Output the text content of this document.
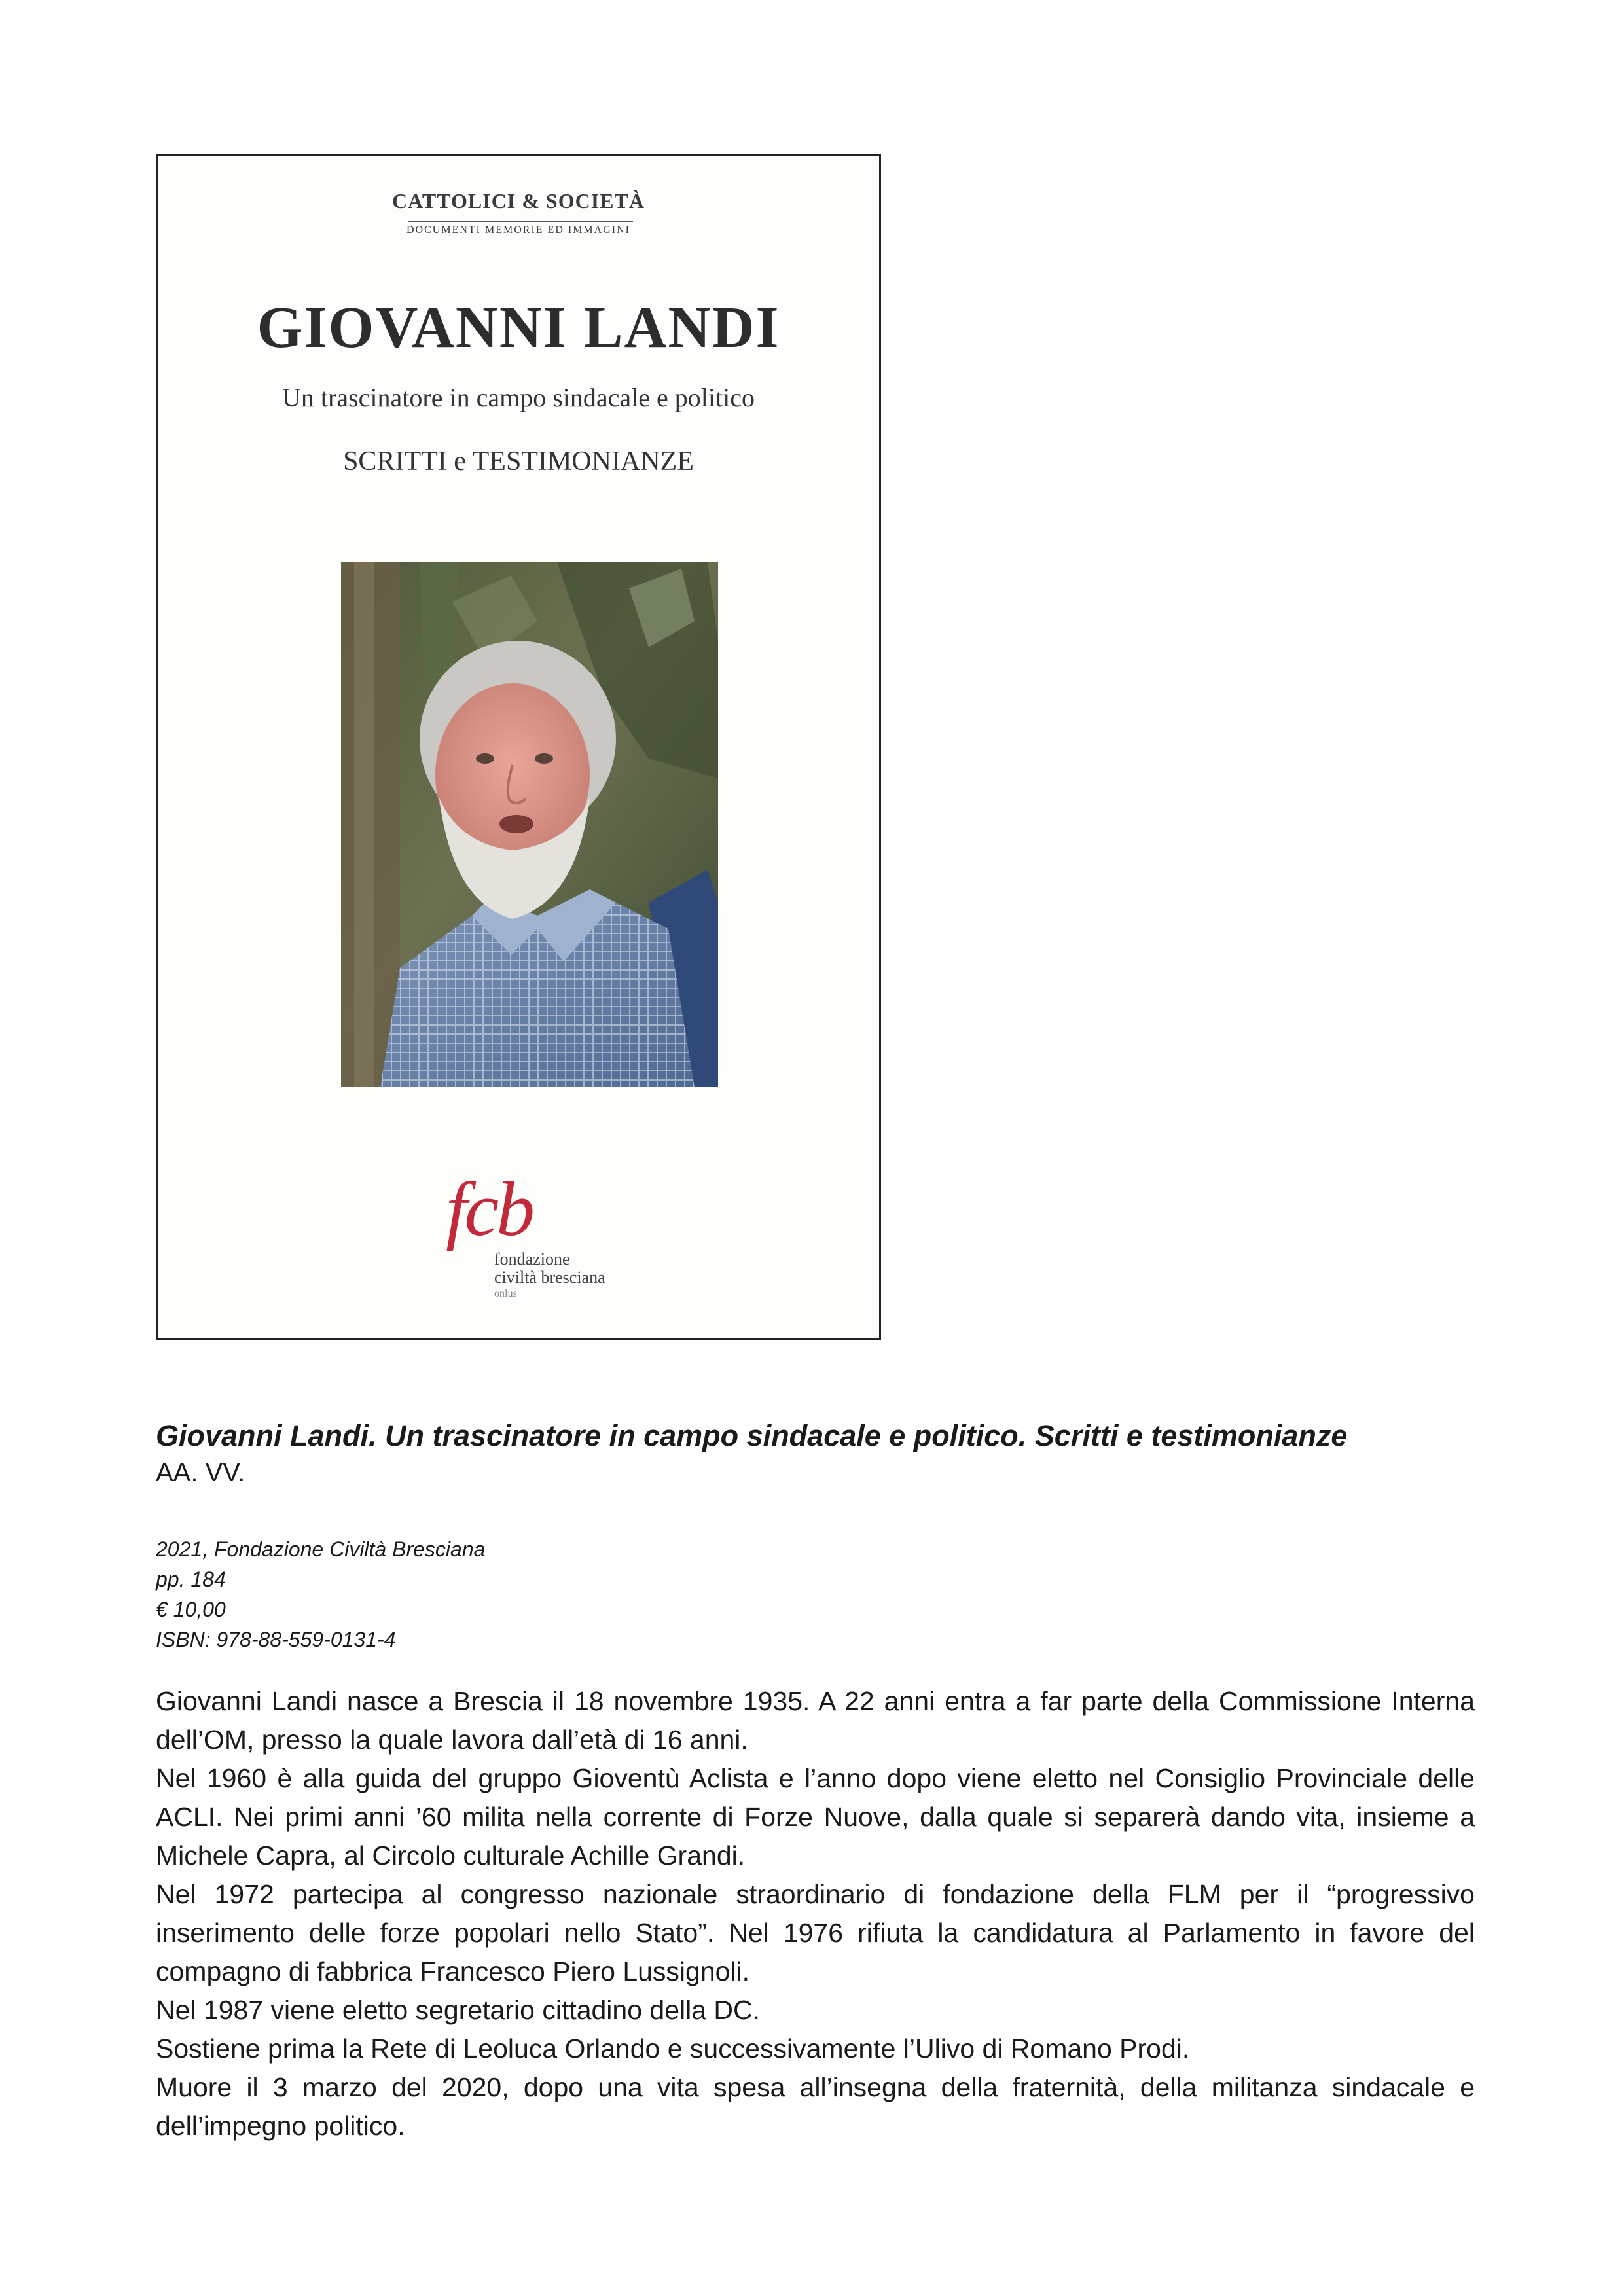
CATTOLICI & SOCIETÀ
DOCUMENTI MEMORIE ED IMMAGINI
GIOVANNI LANDI
Un trascinatore in campo sindacale e politico
SCRITTI e TESTIMONIANZE
fcb
fondazione
civiltà bresciana
onlus
Giovanni Landi. Un trascinatore in campo sindacale e politico. Scritti e testimonianze
AA. VV.
2021, Fondazione Civiltà Bresciana
pp. 184
€ 10,00
ISBN: 978-88-559-0131-4

Giovanni Landi nasce a Brescia il 18 novembre 1935. A 22 anni entra a far parte della Commissione Interna dell’OM, presso la quale lavora dall’età di 16 anni.

Nel 1960 è alla guida del gruppo Gioventù Aclista e l’anno dopo viene eletto nel Consiglio Provinciale delle ACLI. Nei primi anni ’60 milita nella corrente di Forze Nuove, dalla quale si separerà dando vita, insieme a Michele Capra, al Circolo culturale Achille Grandi.

Nel 1972 partecipa al congresso nazionale straordinario di fondazione della FLM per il “progressivo inserimento delle forze popolari nello Stato”. Nel 1976 rifiuta la candidatura al Parlamento in favore del compagno di fabbrica Francesco Piero Lussignoli.

Nel 1987 viene eletto segretario cittadino della DC.

Sostiene prima la Rete di Leoluca Orlando e successivamente l’Ulivo di Romano Prodi.

Muore il 3 marzo del 2020, dopo una vita spesa all’insegna della fraternità, della militanza sindacale e dell’impegno politico.
